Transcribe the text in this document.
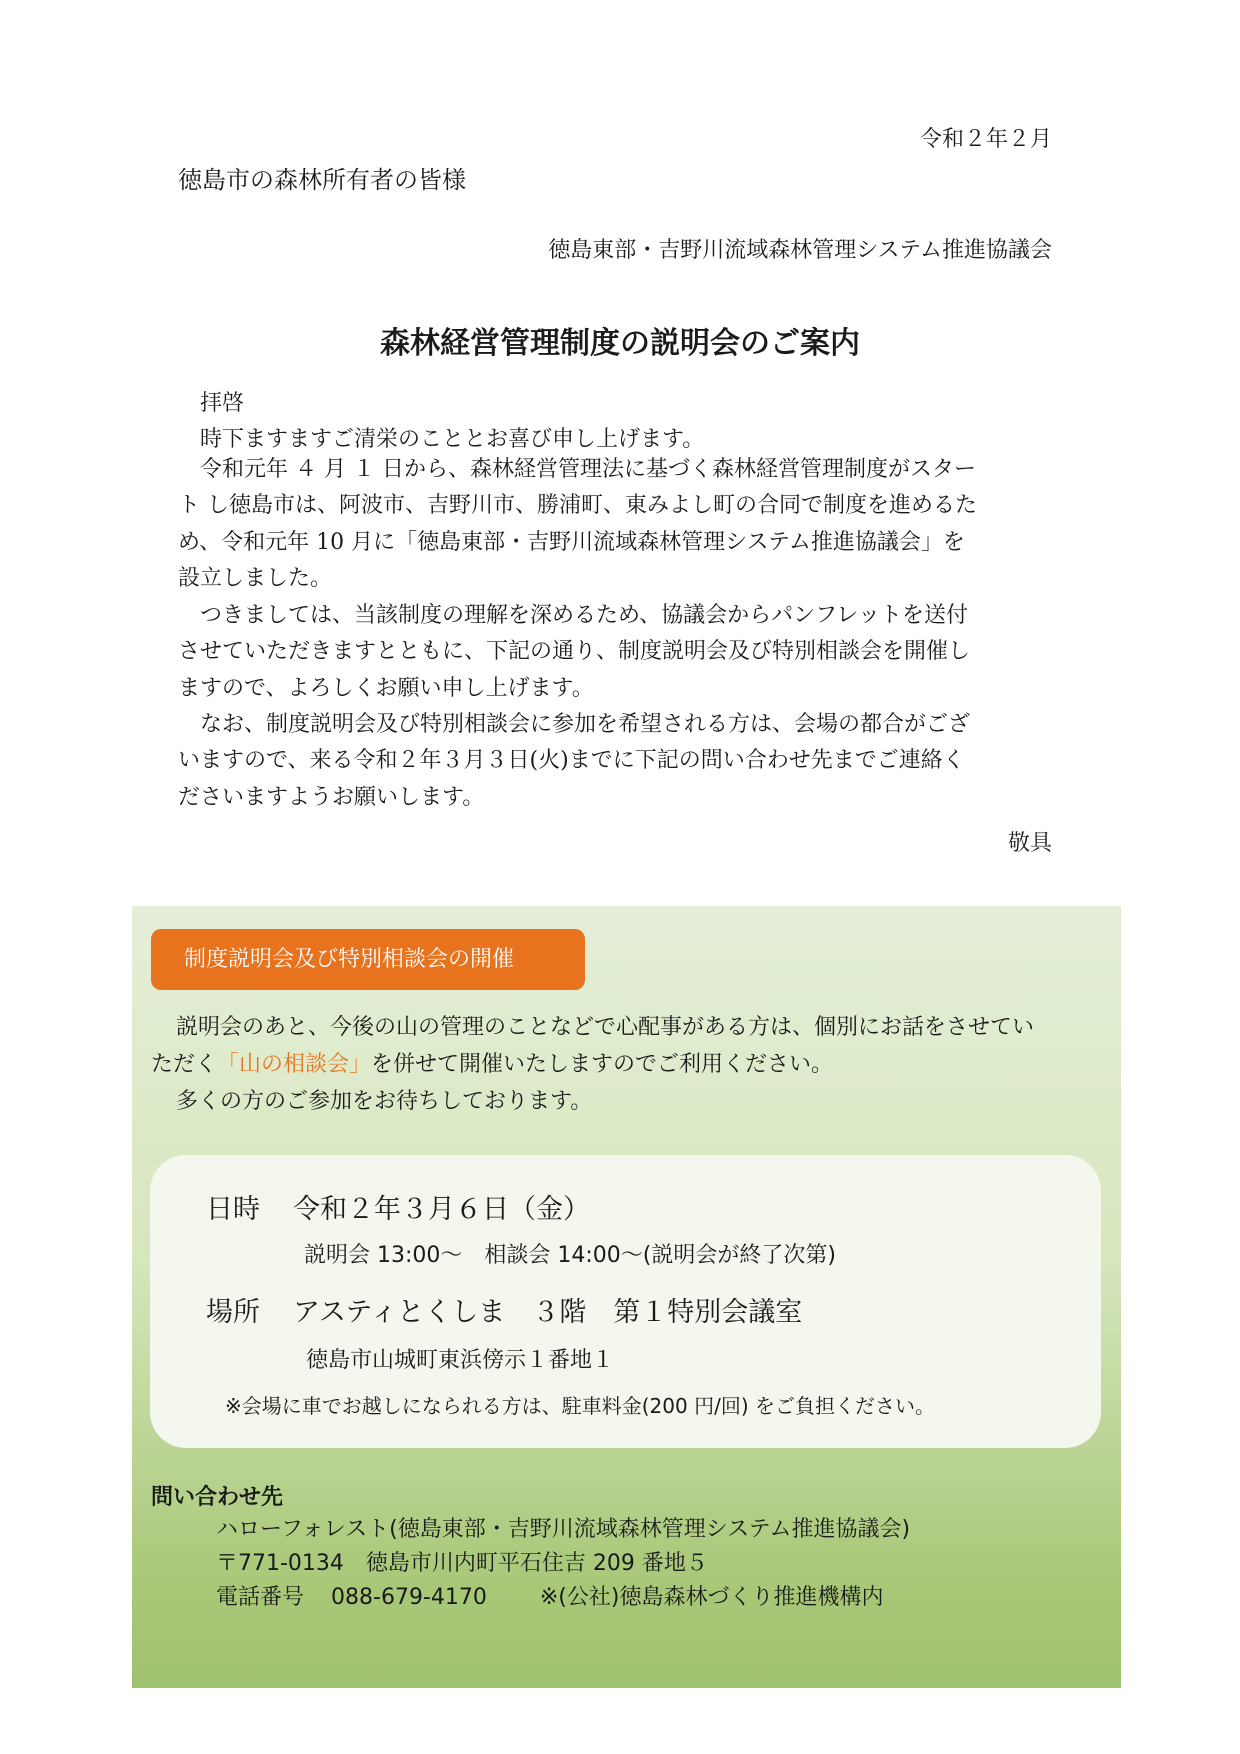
令和２年２月
徳島市の森林所有者の皆様
徳島東部・吉野川流域森林管理システム推進協議会
森林経営管理制度の説明会のご案内
拝啓
時下ますますご清栄のこととお喜び申し上げます。
令和元年 ４ 月 １ 日から、森林経営管理法に基づく森林経営管理制度がスター
ト し徳島市は、阿波市、吉野川市、勝浦町、東みよし町の合同で制度を進めるた
め、令和元年 10 月に「徳島東部・吉野川流域森林管理システム推進協議会」を
設立しました。
つきましては、当該制度の理解を深めるため、協議会からパンフレットを送付
させていただきますとともに、下記の通り、制度説明会及び特別相談会を開催し
ますので、よろしくお願い申し上げます。
なお、制度説明会及び特別相談会に参加を希望される方は、会場の都合がござ
いますので、来る令和２年３月３日(火)までに下記の問い合わせ先までご連絡く
ださいますようお願いします。
敬具
制度説明会及び特別相談会の開催
説明会のあと、今後の山の管理のことなどで心配事がある方は、個別にお話をさせてい
ただく「山の相談会」を併せて開催いたしますのでご利用ください。
多くの方のご参加をお待ちしております。
日時 令和２年３月６日（金）
説明会 13:00～　相談会 14:00～(説明会が終了次第)
場所 アスティとくしま　３階　第１特別会議室
徳島市山城町東浜傍示１番地１
※会場に車でお越しになられる方は、駐車料金(200 円/回) をご負担ください。
問い合わせ先
ハローフォレスト(徳島東部・吉野川流域森林管理システム推進協議会)
〒771-0134　徳島市川内町平石住吉 209 番地５
電話番号 088-679-4170 ※(公社)徳島森林づくり推進機構内
